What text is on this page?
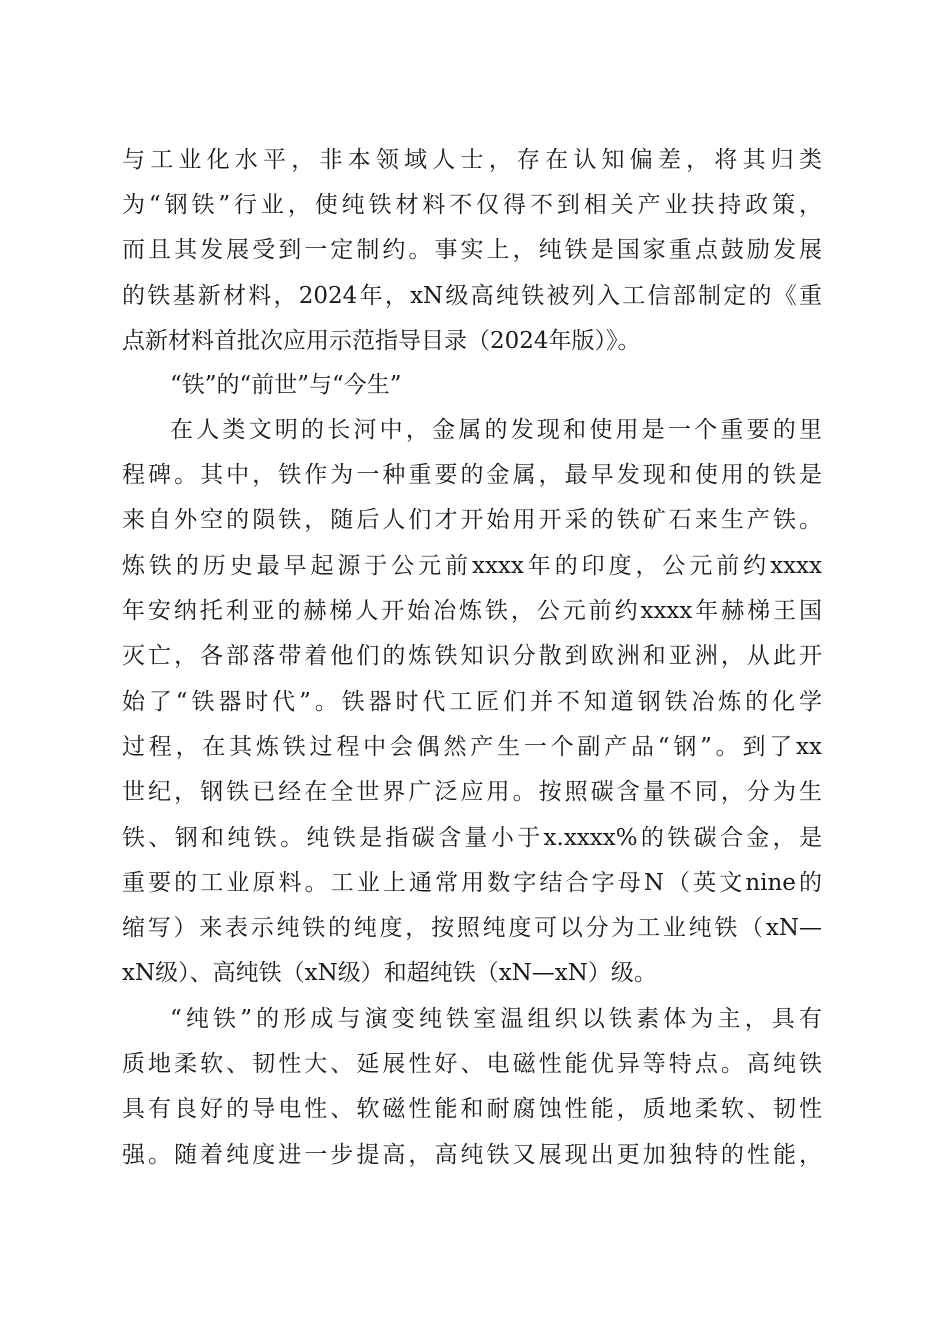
与工业化水平，非本领域人士，存在认知偏差，将其归类
为“钢铁”行业，使纯铁材料不仅得不到相关产业扶持政策，
而且其发展受到一定制约。事实上，纯铁是国家重点鼓励发展
的铁基新材料，2024年，xN级高纯铁被列入工信部制定的《重
点新材料首批次应用示范指导目录（2024年版）》。
“铁”的“前世”与“今生”
在人类文明的长河中，金属的发现和使用是一个重要的里
程碑。其中，铁作为一种重要的金属，最早发现和使用的铁是
来自外空的陨铁，随后人们才开始用开采的铁矿石来生产铁。
炼铁的历史最早起源于公元前xxxx年的印度，公元前约xxxx
年安纳托利亚的赫梯人开始冶炼铁，公元前约xxxx年赫梯王国
灭亡，各部落带着他们的炼铁知识分散到欧洲和亚洲，从此开
始了“铁器时代”。铁器时代工匠们并不知道钢铁冶炼的化学
过程，在其炼铁过程中会偶然产生一个副产品“钢”。到了xx
世纪，钢铁已经在全世界广泛应用。按照碳含量不同，分为生
铁、钢和纯铁。纯铁是指碳含量小于x.xxxx%的铁碳合金，是
重要的工业原料。工业上通常用数字结合字母N（英文nine的
缩写）来表示纯铁的纯度，按照纯度可以分为工业纯铁（xN—
xN级）、高纯铁（xN级）和超纯铁（xN—xN）级。
“纯铁”的形成与演变纯铁室温组织以铁素体为主，具有
质地柔软、韧性大、延展性好、电磁性能优异等特点。高纯铁
具有良好的导电性、软磁性能和耐腐蚀性能，质地柔软、韧性
强。随着纯度进一步提高，高纯铁又展现出更加独特的性能，
